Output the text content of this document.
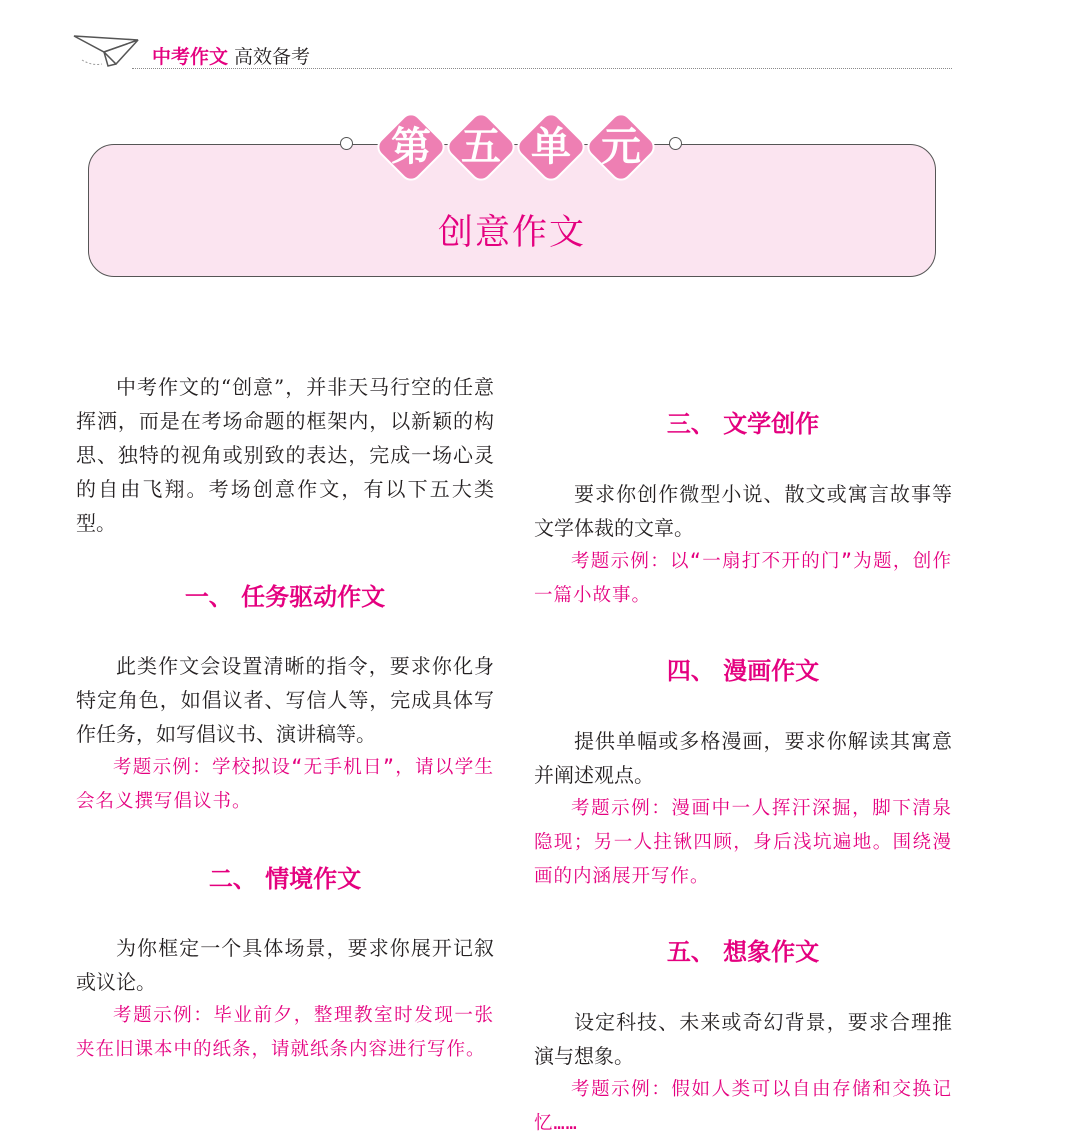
中考作文 高效备考
第 五 单 元
创意作文

中考作文的“创意”，并非天马行空的任意挥洒，而是在考场命题的框架内，以新颖的构思、独特的视角或别致的表达，完成一场心灵的自由飞翔。考场创意作文，有以下五大类型。

一、 任务驱动作文

此类作文会设置清晰的指令，要求你化身特定角色，如倡议者、写信人等，完成具体写作任务，如写倡议书、演讲稿等。

考题示例：学校拟设“无手机日”，请以学生会名义撰写倡议书。

二、 情境作文

为你框定一个具体场景，要求你展开记叙或议论。

考题示例：毕业前夕，整理教室时发现一张夹在旧课本中的纸条，请就纸条内容进行写作。

三、 文学创作

要求你创作微型小说、散文或寓言故事等文学体裁的文章。

考题示例：以“一扇打不开的门”为题，创作一篇小故事。

四、 漫画作文

提供单幅或多格漫画，要求你解读其寓意并阐述观点。

考题示例：漫画中一人挥汗深掘，脚下清泉隐现；另一人拄锹四顾，身后浅坑遍地。围绕漫画的内涵展开写作。

五、 想象作文

设定科技、未来或奇幻背景，要求合理推演与想象。

考题示例：假如人类可以自由存储和交换记忆……
